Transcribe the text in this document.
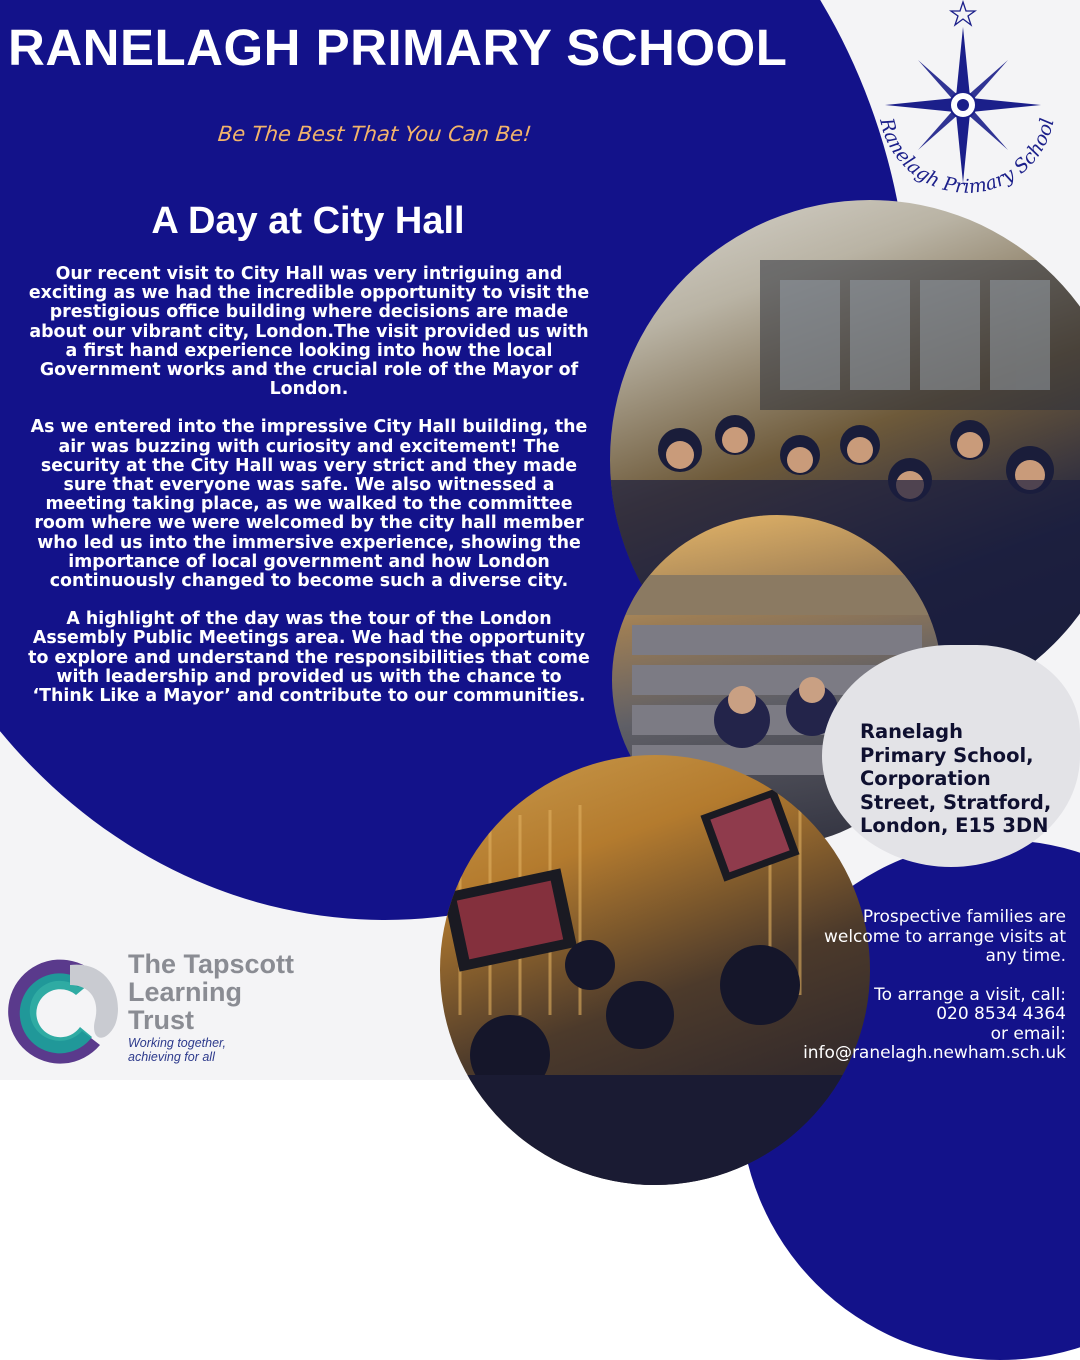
RANELAGH PRIMARY SCHOOL
Be The Best That You Can Be!	Ranelagh Primary School
A Day at City Hall

Our recent visit to City Hall was very intriguing and exciting as we had the incredible opportunity to visit the prestigious office building where decisions are made about our vibrant city, London.The visit provided us with a first hand experience looking into how the local Government works and the crucial role of the Mayor of London.

As we entered into the impressive City Hall building, the air was buzzing with curiosity and excitement! The security at the City Hall was very strict and they made sure that everyone was safe. We also witnessed a meeting taking place, as we walked to the committee room where we were welcomed by the city hall member who led us into the immersive experience, showing the importance of local government and how London continuously changed to become such a diverse city.

A highlight of the day was the tour of the London Assembly Public Meetings area. We had the opportunity to explore and understand the responsibilities that come with leadership and provided us with the chance to ‘Think Like a Mayor’ and contribute to our communities.

Ranelagh
Primary School,
Corporation
Street, Stratford,
London, E15 3DN
Prospective families are
welcome to arrange visits at
any time.
To arrange a visit, call:
020 8534 4364
or email:
info@ranelagh.newham.sch.uk
The Tapscott
Learning
Trust
Working together,
achieving for all
